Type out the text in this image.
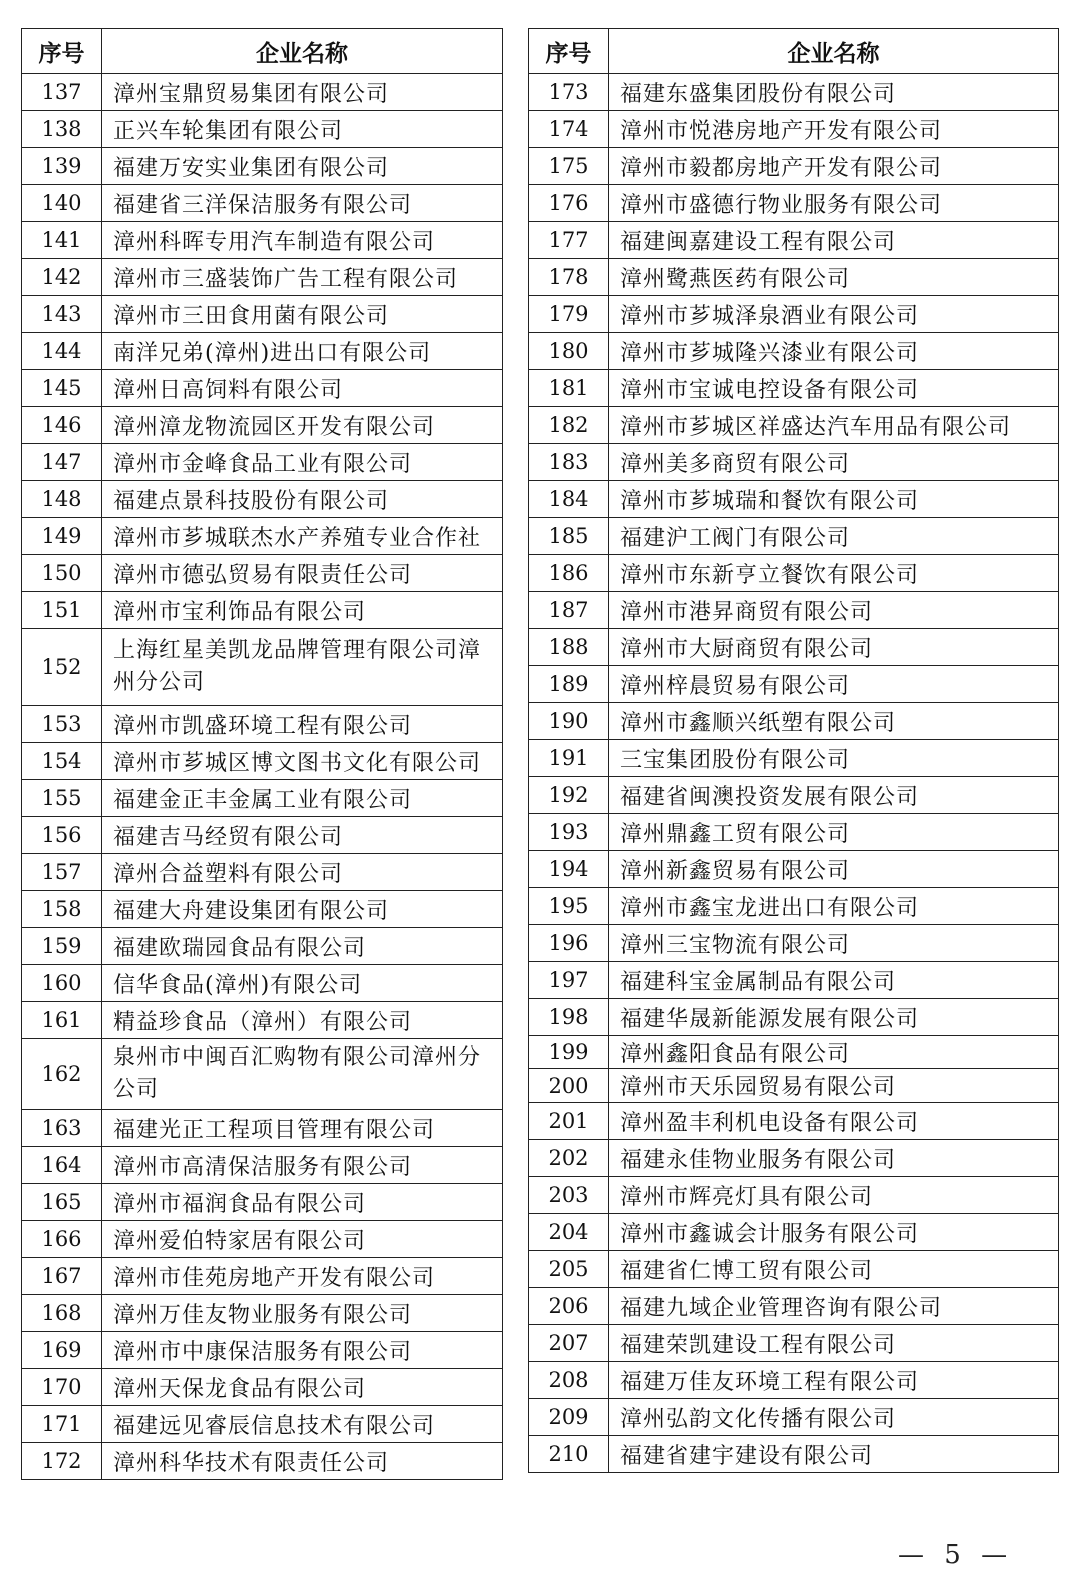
序号	企业名称
137	漳州宝鼎贸易集团有限公司
138	正兴车轮集团有限公司
139	福建万安实业集团有限公司
140	福建省三洋保洁服务有限公司
141	漳州科晖专用汽车制造有限公司
142	漳州市三盛装饰广告工程有限公司
143	漳州市三田食用菌有限公司
144	南洋兄弟(漳州)进出口有限公司
145	漳州日高饲料有限公司
146	漳州漳龙物流园区开发有限公司
147	漳州市金峰食品工业有限公司
148	福建点景科技股份有限公司
149	漳州市芗城联杰水产养殖专业合作社
150	漳州市德弘贸易有限责任公司
151	漳州市宝利饰品有限公司
152	上海红星美凯龙品牌管理有限公司漳州分公司
153	漳州市凯盛环境工程有限公司
154	漳州市芗城区博文图书文化有限公司
155	福建金正丰金属工业有限公司
156	福建吉马经贸有限公司
157	漳州合益塑料有限公司
158	福建大舟建设集团有限公司
159	福建欧瑞园食品有限公司
160	信华食品(漳州)有限公司
161	精益珍食品（漳州）有限公司
162	泉州市中闽百汇购物有限公司漳州分公司
163	福建光正工程项目管理有限公司
164	漳州市高清保洁服务有限公司
165	漳州市福润食品有限公司
166	漳州爱伯特家居有限公司
167	漳州市佳苑房地产开发有限公司
168	漳州万佳友物业服务有限公司
169	漳州市中康保洁服务有限公司
170	漳州天保龙食品有限公司
171	福建远见睿辰信息技术有限公司
172	漳州科华技术有限责任公司
序号	企业名称
173	福建东盛集团股份有限公司
174	漳州市悦港房地产开发有限公司
175	漳州市毅都房地产开发有限公司
176	漳州市盛德行物业服务有限公司
177	福建闽嘉建设工程有限公司
178	漳州鹭燕医药有限公司
179	漳州市芗城泽泉酒业有限公司
180	漳州市芗城隆兴漆业有限公司
181	漳州市宝诚电控设备有限公司
182	漳州市芗城区祥盛达汽车用品有限公司
183	漳州美多商贸有限公司
184	漳州市芗城瑞和餐饮有限公司
185	福建沪工阀门有限公司
186	漳州市东新亨立餐饮有限公司
187	漳州市港昇商贸有限公司
188	漳州市大厨商贸有限公司
189	漳州梓晨贸易有限公司
190	漳州市鑫顺兴纸塑有限公司
191	三宝集团股份有限公司
192	福建省闽澳投资发展有限公司
193	漳州鼎鑫工贸有限公司
194	漳州新鑫贸易有限公司
195	漳州市鑫宝龙进出口有限公司
196	漳州三宝物流有限公司
197	福建科宝金属制品有限公司
198	福建华晟新能源发展有限公司
199	漳州鑫阳食品有限公司
200	漳州市天乐园贸易有限公司
201	漳州盈丰利机电设备有限公司
202	福建永佳物业服务有限公司
203	漳州市辉亮灯具有限公司
204	漳州市鑫诚会计服务有限公司
205	福建省仁博工贸有限公司
206	福建九域企业管理咨询有限公司
207	福建荣凯建设工程有限公司
208	福建万佳友环境工程有限公司
209	漳州弘韵文化传播有限公司
210	福建省建宇建设有限公司
— 5 —
